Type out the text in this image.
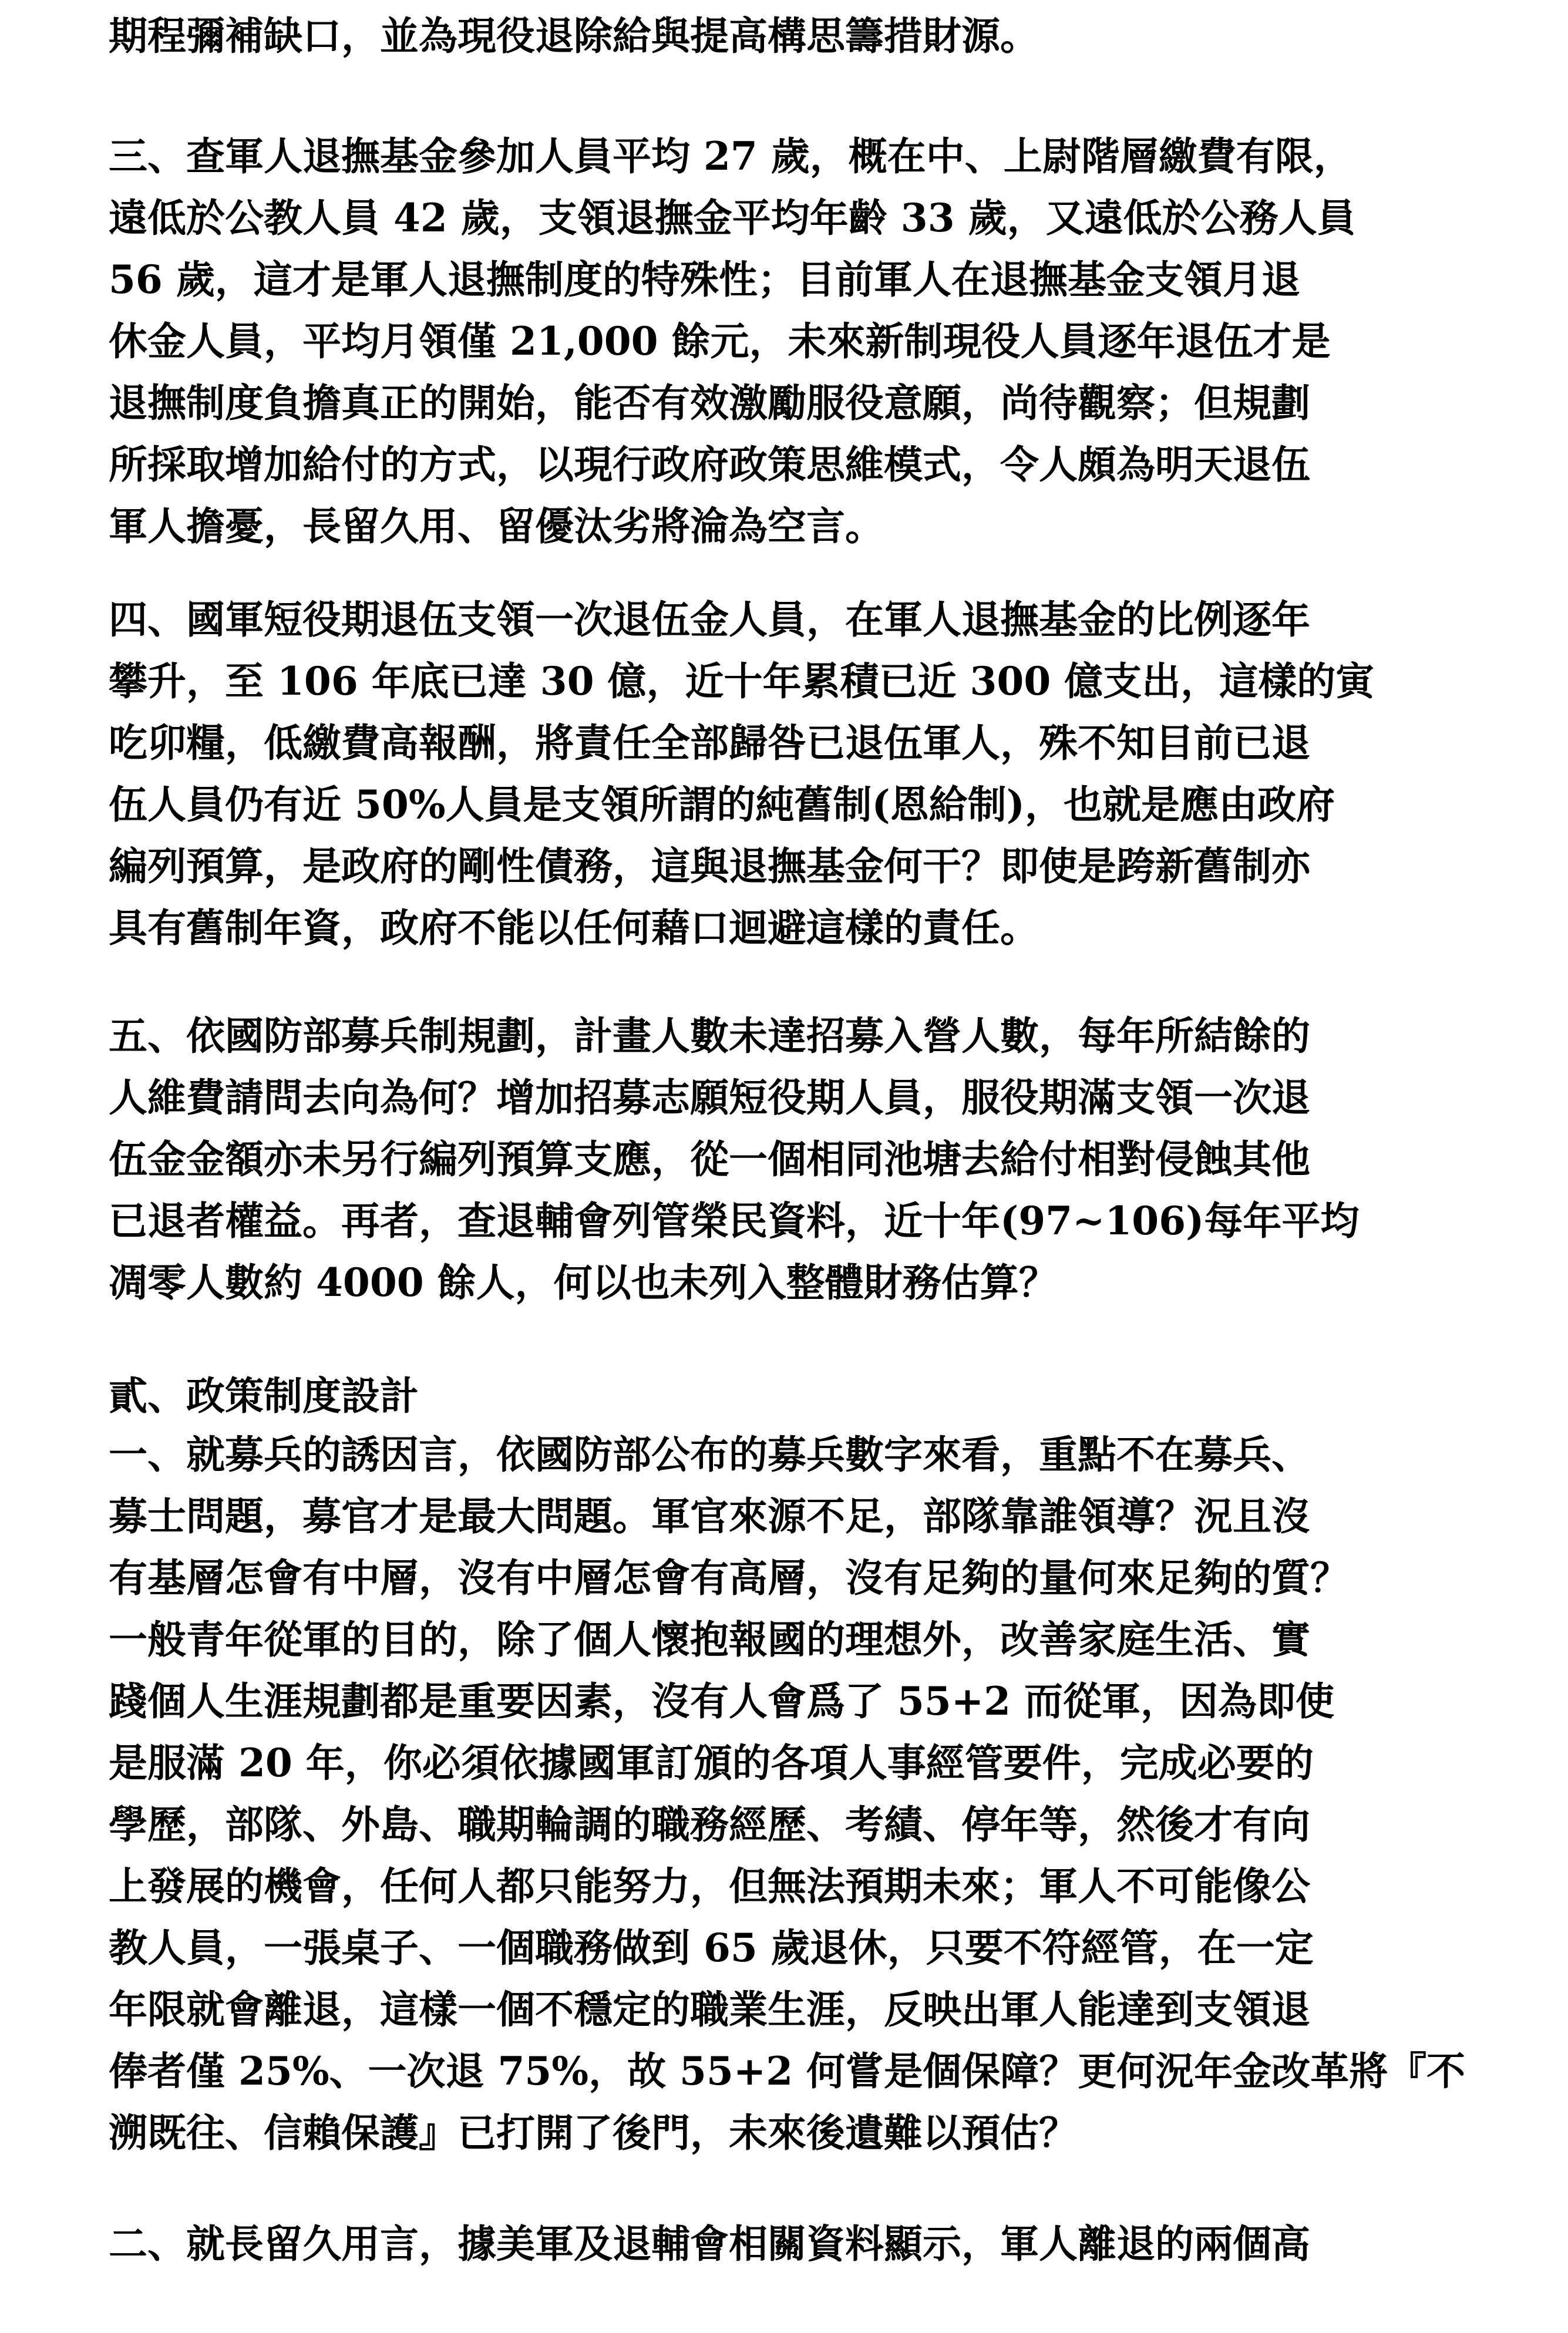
期程彌補缺口，並為現役退除給與提高構思籌措財源。
三、查軍人退撫基金參加人員平均 27 歲，概在中、上尉階層繳費有限，
遠低於公教人員 42 歲，支領退撫金平均年齡 33 歲，又遠低於公務人員
56 歲，這才是軍人退撫制度的特殊性；目前軍人在退撫基金支領月退
休金人員，平均月領僅 21,000 餘元，未來新制現役人員逐年退伍才是
退撫制度負擔真正的開始，能否有效激勵服役意願，尚待觀察；但規劃
所採取增加給付的方式，以現行政府政策思維模式，令人頗為明天退伍
軍人擔憂，長留久用、留優汰劣將淪為空言。
四、國軍短役期退伍支領一次退伍金人員，在軍人退撫基金的比例逐年
攀升，至 106 年底已達 30 億，近十年累積已近 300 億支出，這樣的寅
吃卯糧，低繳費高報酬，將責任全部歸咎已退伍軍人，殊不知目前已退
伍人員仍有近 50%人員是支領所謂的純舊制(恩給制)，也就是應由政府
編列預算，是政府的剛性債務，這與退撫基金何干？即使是跨新舊制亦
具有舊制年資，政府不能以任何藉口迴避這樣的責任。
五、依國防部募兵制規劃，計畫人數未達招募入營人數，每年所結餘的
人維費請問去向為何？增加招募志願短役期人員，服役期滿支領一次退
伍金金額亦未另行編列預算支應，從一個相同池塘去給付相對侵蝕其他
已退者權益。再者，查退輔會列管榮民資料，近十年(97~106)每年平均
凋零人數約 4000 餘人，何以也未列入整體財務估算？
貳、政策制度設計
一、就募兵的誘因言，依國防部公布的募兵數字來看，重點不在募兵、
募士問題，募官才是最大問題。軍官來源不足，部隊靠誰領導？況且沒
有基層怎會有中層，沒有中層怎會有高層，沒有足夠的量何來足夠的質？
一般青年從軍的目的，除了個人懷抱報國的理想外，改善家庭生活、實
踐個人生涯規劃都是重要因素，沒有人會爲了 55+2 而從軍，因為即使
是服滿 20 年，你必須依據國軍訂頒的各項人事經管要件，完成必要的
學歷，部隊、外島、職期輪調的職務經歷、考績、停年等，然後才有向
上發展的機會，任何人都只能努力，但無法預期未來；軍人不可能像公
教人員，一張桌子、一個職務做到 65 歲退休，只要不符經管，在一定
年限就會離退，這樣一個不穩定的職業生涯，反映出軍人能達到支領退
俸者僅 25%、一次退 75%，故 55+2 何嘗是個保障？更何況年金改革將『不
溯既往、信賴保護』已打開了後門，未來後遺難以預估？
二、就長留久用言，據美軍及退輔會相關資料顯示，軍人離退的兩個高
